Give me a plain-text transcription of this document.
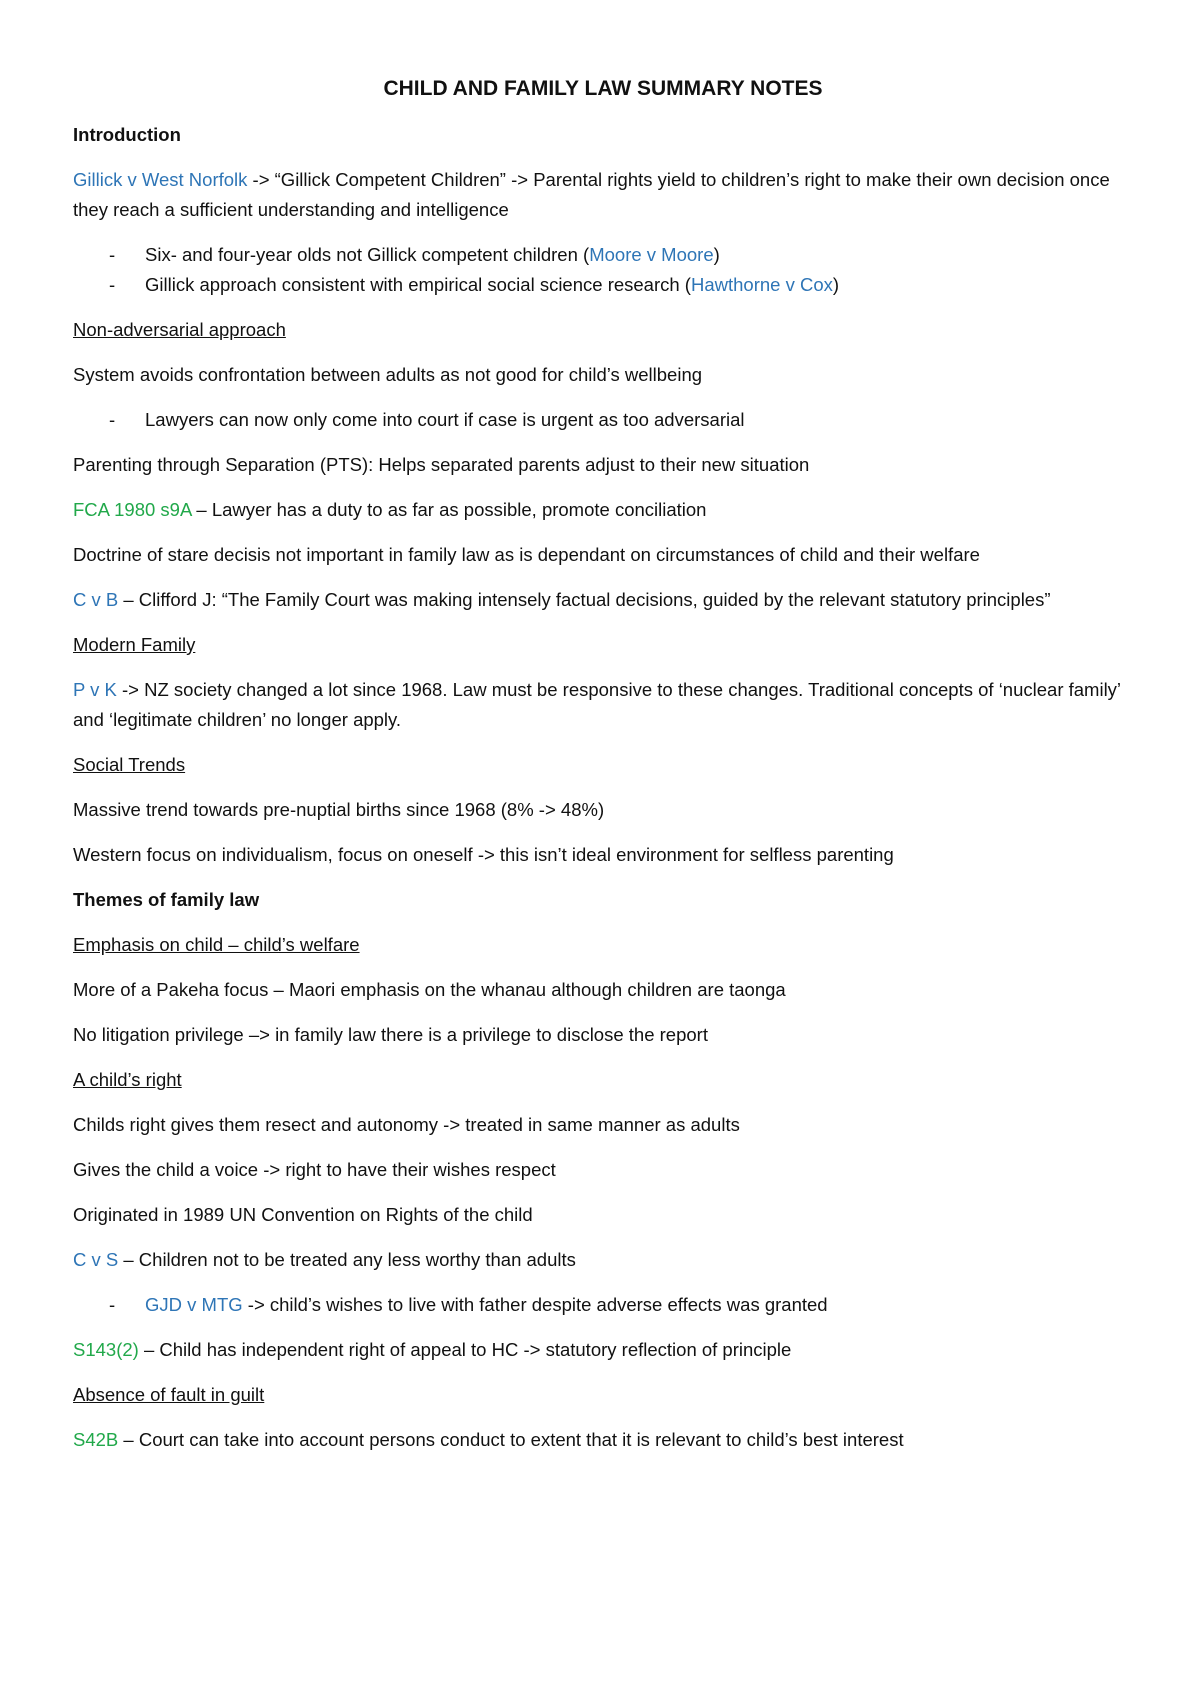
CHILD AND FAMILY LAW SUMMARY NOTES
Introduction
Gillick v West Norfolk -> “Gillick Competent Children” -> Parental rights yield to children’s right to make their own decision once they reach a sufficient understanding and intelligence
- Six- and four-year olds not Gillick competent children (Moore v Moore)
- Gillick approach consistent with empirical social science research (Hawthorne v Cox)
Non-adversarial approach
System avoids confrontation between adults as not good for child’s wellbeing
- Lawyers can now only come into court if case is urgent as too adversarial
Parenting through Separation (PTS): Helps separated parents adjust to their new situation
FCA 1980 s9A – Lawyer has a duty to as far as possible, promote conciliation
Doctrine of stare decisis not important in family law as is dependant on circumstances of child and their welfare
C v B – Clifford J: “The Family Court was making intensely factual decisions, guided by the relevant statutory principles”
Modern Family
P v K -> NZ society changed a lot since 1968. Law must be responsive to these changes. Traditional concepts of ‘nuclear family’ and ‘legitimate children’ no longer apply.
Social Trends
Massive trend towards pre-nuptial births since 1968 (8% -> 48%)
Western focus on individualism, focus on oneself -> this isn’t ideal environment for selfless parenting
Themes of family law
Emphasis on child – child’s welfare
More of a Pakeha focus – Maori emphasis on the whanau although children are taonga
No litigation privilege –> in family law there is a privilege to disclose the report
A child’s right
Childs right gives them resect and autonomy -> treated in same manner as adults
Gives the child a voice -> right to have their wishes respect
Originated in 1989 UN Convention on Rights of the child
C v S – Children not to be treated any less worthy than adults
- GJD v MTG -> child’s wishes to live with father despite adverse effects was granted
S143(2) – Child has independent right of appeal to HC -> statutory reflection of principle
Absence of fault in guilt
S42B – Court can take into account persons conduct to extent that it is relevant to child’s best interest
